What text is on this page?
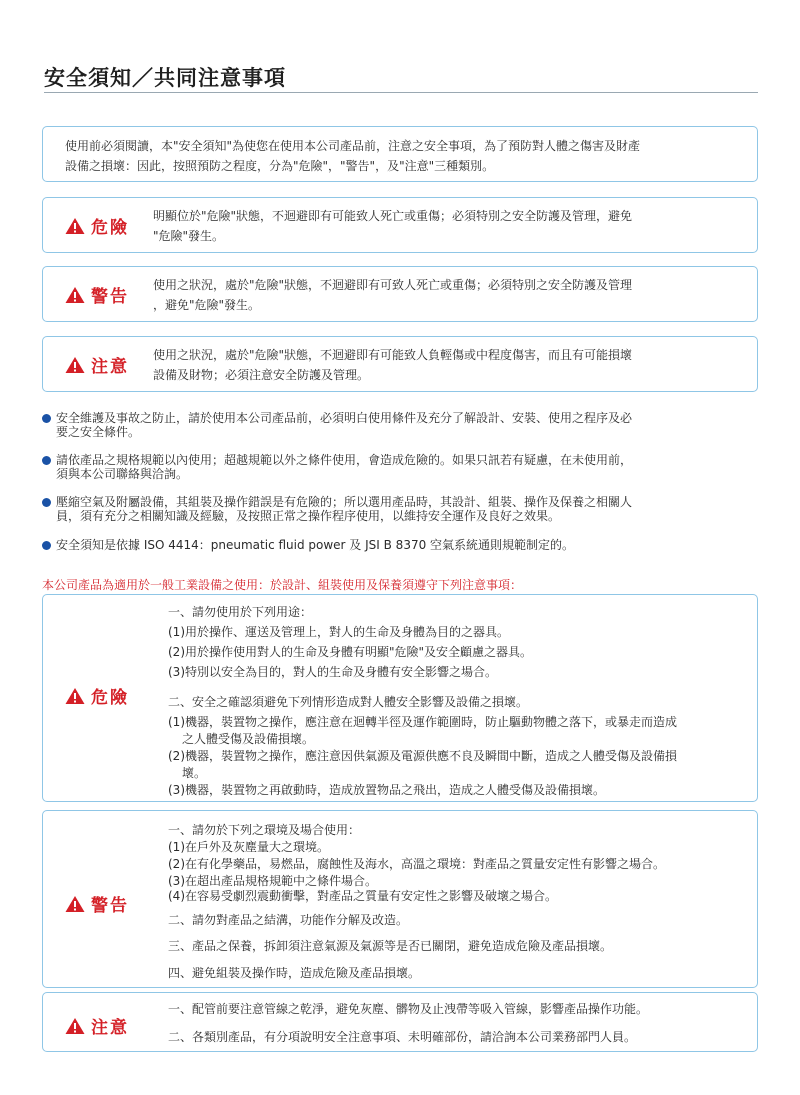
安全須知／共同注意事項
使用前必須閱讀，本"安全須知"為使您在使用本公司產品前，注意之安全事項，為了預防對人體之傷害及財產
設備之損壞：因此，按照預防之程度，分為"危險"，"警告"，及"注意"三種類別。
危險
明顯位於"危險"狀態，不迴避即有可能致人死亡或重傷；必須特別之安全防護及管理，避免
"危險"發生。
警告
使用之狀況，處於"危險"狀態，不迴避即有可致人死亡或重傷；必須特別之安全防護及管理
，避免"危險"發生。
注意
使用之狀況，處於"危險"狀態，不迴避即有可能致人負輕傷或中程度傷害，而且有可能損壞
設備及財物；必須注意安全防護及管理。
安全維護及事故之防止，請於使用本公司產品前，必須明白使用條件及充分了解設計、安裝、使用之程序及必
要之安全條件。
請依產品之規格規範以內使用；超越規範以外之條件使用，會造成危險的。如果只訊若有疑慮，在未使用前，
須與本公司聯絡與洽詢。
壓縮空氣及附屬設備，其組裝及操作錯誤是有危險的；所以選用產品時，其設計、組裝、操作及保養之相關人
員，須有充分之相關知識及經驗，及按照正常之操作程序使用，以維持安全運作及良好之效果。
安全須知是依據 ISO 4414：pneumatic fluid power 及 JSI B 8370 空氣系統通則規範制定的。
本公司產品為適用於一般工業設備之使用：於設計、組裝使用及保養須遵守下列注意事項：
危險
一、請勿使用於下列用途：
(1)用於操作、運送及管理上，對人的生命及身體為目的之器具。
(2)用於操作使用對人的生命及身體有明顯"危險"及安全顧慮之器具。
(3)特別以安全為目的，對人的生命及身體有安全影響之場合。
二、安全之確認須避免下列情形造成對人體安全影響及設備之損壞。
(1)機器，裝置物之操作，應注意在迴轉半徑及運作範圍時，防止驅動物體之落下，或暴走而造成
之人體受傷及設備損壞。
(2)機器，裝置物之操作，應注意因供氣源及電源供應不良及瞬間中斷，造成之人體受傷及設備損
壞。
(3)機器，裝置物之再啟動時，造成放置物品之飛出，造成之人體受傷及設備損壞。
警告
一、請勿於下列之環境及場合使用：
(1)在戶外及灰塵量大之環境。
(2)在有化學藥品，易燃品，腐蝕性及海水，高溫之環境：對產品之質量安定性有影響之場合。
(3)在超出產品規格規範中之條件場合。
(4)在容易受劇烈震動衝擊，對產品之質量有安定性之影響及破壞之場合。
二、請勿對產品之結溝，功能作分解及改造。
三、產品之保養，拆卸須注意氣源及氣源等是否已關閉，避免造成危險及產品損壞。
四、避免組裝及操作時，造成危險及產品損壞。
注意
一、配管前要注意管線之乾淨，避免灰塵、髒物及止洩帶等吸入管線，影響產品操作功能。
二、各類別產品，有分項說明安全注意事項、未明確部份，請洽詢本公司業務部門人員。
